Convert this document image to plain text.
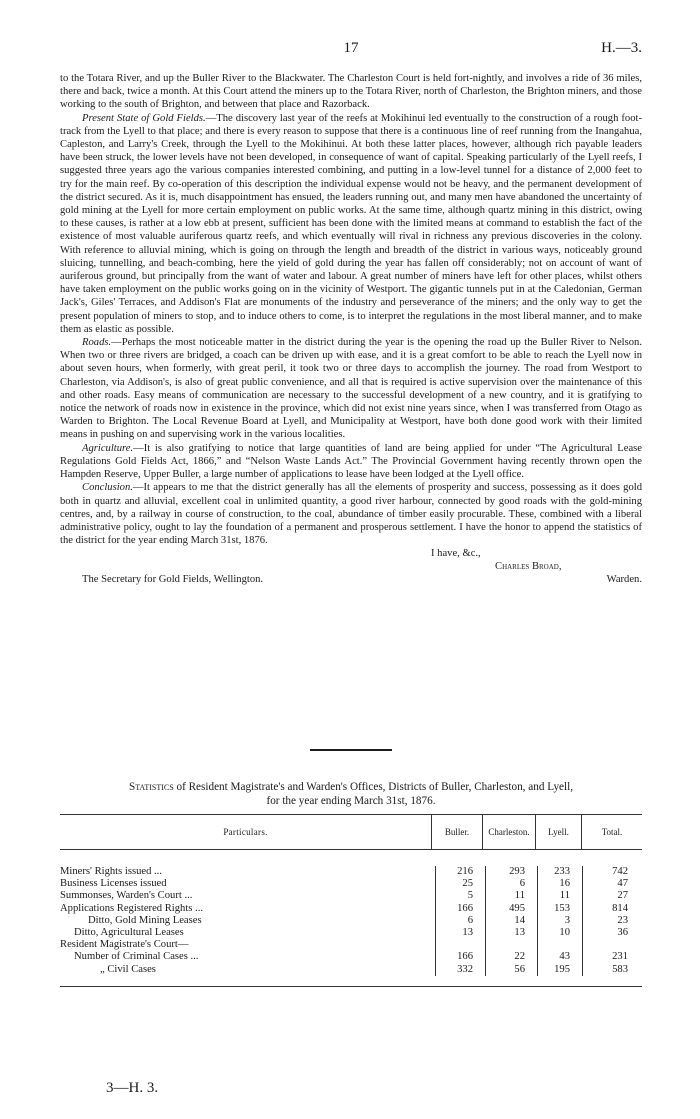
17	H.—3.

to the Totara River, and up the Buller River to the Blackwater. The Charleston Court is held fort-nightly, and involves a ride of 36 miles, there and back, twice a month. At this Court attend the miners up to the Totara River, north of Charleston, the Brighton miners, and those working to the south of Brighton, and between that place and Razorback.

Present State of Gold Fields.—The discovery last year of the reefs at Mokihinui led eventually to the construction of a rough foot-track from the Lyell to that place; and there is every reason to suppose that there is a continuous line of reef running from the Inangahua, Capleston, and Larry's Creek, through the Lyell to the Mokihinui. At both these latter places, however, although rich payable leaders have been struck, the lower levels have not been developed, in consequence of want of capital. Speaking particularly of the Lyell reefs, I suggested three years ago the various companies interested combining, and putting in a low-level tunnel for a distance of 2,000 feet to try for the main reef. By co-operation of this description the individual expense would not be heavy, and the permanent development of the district secured. As it is, much disappointment has ensued, the leaders running out, and many men have abandoned the uncertainty of gold mining at the Lyell for more certain employment on public works. At the same time, although quartz mining in this district, owing to these causes, is rather at a low ebb at present, sufficient has been done with the limited means at command to establish the fact of the existence of most valuable auriferous quartz reefs, and which eventually will rival in richness any previous discoveries in the colony. With reference to alluvial mining, which is going on through the length and breadth of the district in various ways, noticeably ground sluicing, tunnelling, and beach-combing, here the yield of gold during the year has fallen off considerably; not on account of want of auriferous ground, but principally from the want of water and labour. A great number of miners have left for other places, whilst others have taken employment on the public works going on in the vicinity of Westport. The gigantic tunnels put in at the Caledonian, German Jack's, Giles' Terraces, and Addison's Flat are monuments of the industry and perseverance of the miners; and the only way to get the present population of miners to stop, and to induce others to come, is to interpret the regulations in the most liberal manner, and to make them as elastic as possible.

Roads.—Perhaps the most noticeable matter in the district during the year is the opening the road up the Buller River to Nelson. When two or three rivers are bridged, a coach can be driven up with ease, and it is a great comfort to be able to reach the Lyell now in about seven hours, when formerly, with great peril, it took two or three days to accomplish the journey. The road from Westport to Charleston, via Addison's, is also of great public convenience, and all that is required is active supervision over the maintenance of this and other roads. Easy means of communication are necessary to the successful development of a new country, and it is gratifying to notice the network of roads now in existence in the province, which did not exist nine years since, when I was transferred from Otago as Warden to Brighton. The Local Revenue Board at Lyell, and Municipality at Westport, have both done good work with their limited means in pushing on and supervising work in the various localities.

Agriculture.—It is also gratifying to notice that large quantities of land are being applied for under “The Agricultural Lease Regulations Gold Fields Act, 1866,” and “Nelson Waste Lands Act.” The Provincial Government having recently thrown open the Hampden Reserve, Upper Buller, a large number of applications to lease have been lodged at the Lyell office.

Conclusion.—It appears to me that the district generally has all the elements of prosperity and success, possessing as it does gold both in quartz and alluvial, excellent coal in unlimited quantity, a good river harbour, connected by good roads with the gold-mining centres, and, by a railway in course of construction, to the coal, abundance of timber easily procurable. These, combined with a liberal administrative policy, ought to lay the foundation of a permanent and prosperous settlement. I have the honor to append the statistics of the district for the year ending March 31st, 1876.

I have, &c.,
Charles Broad,
The Secretary for Gold Fields, Wellington.	Warden.
Statistics of Resident Magistrate's and Warden's Offices, Districts of Buller, Charleston, and Lyell,
for the year ending March 31st, 1876.
Particulars.	Buller.	Charleston.	Lyell.	Total.
Miners' Rights issued ...	216	293	233	742
Business Licenses issued	25	6	16	47
Summonses, Warden's Court ...	5	11	11	27
Applications Registered Rights ...	166	495	153	814
Ditto, Gold Mining Leases	6	14	3	23
Ditto, Agricultural Leases	13	13	10	36
Resident Magistrate's Court—
Number of Criminal Cases ...	166	22	43	231
„ Civil Cases	332	56	195	583
3—H. 3.
